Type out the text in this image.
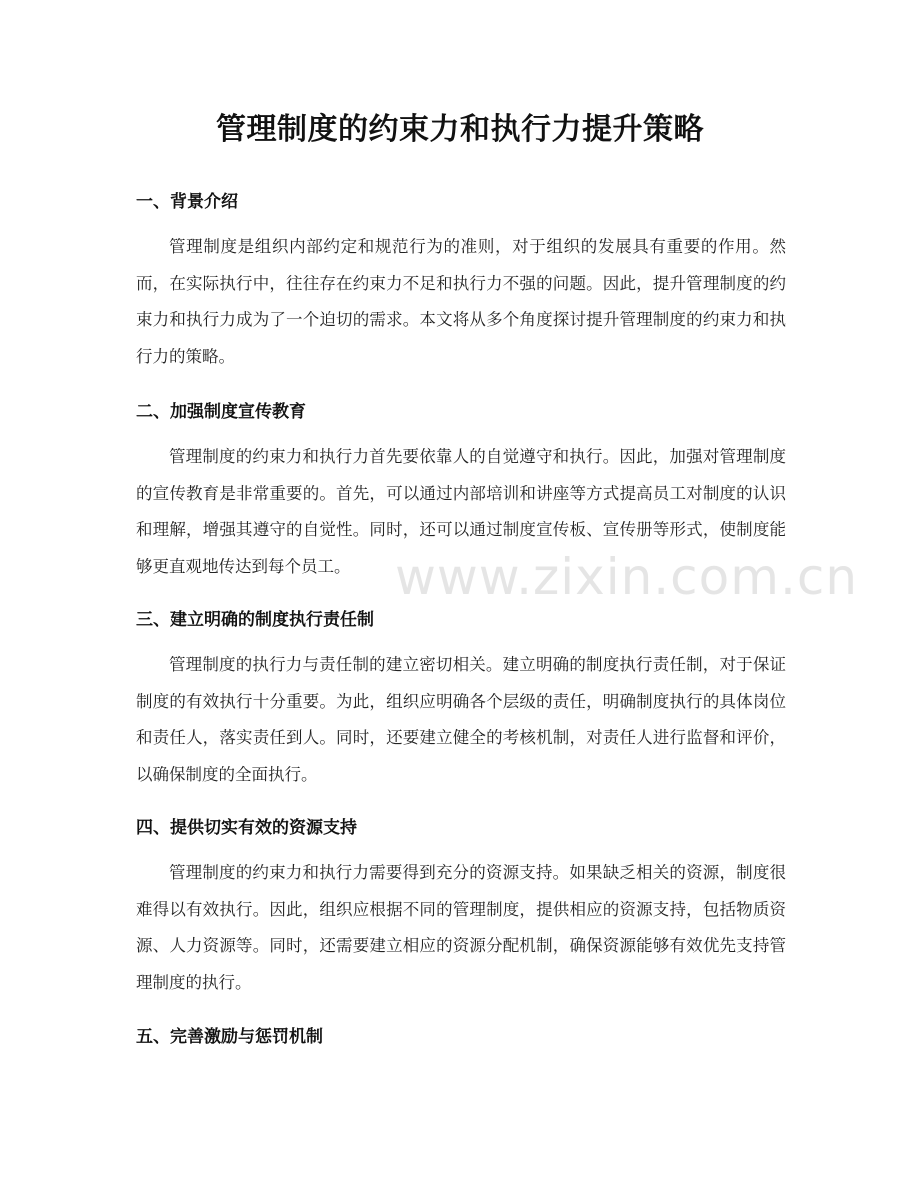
管理制度的约束力和执行力提升策略
一、背景介绍
管理制度是组织内部约定和规范行为的准则，对于组织的发展具有重要的作用。然而，在实际执行中，往往存在约束力不足和执行力不强的问题。因此，提升管理制度的约束力和执行力成为了一个迫切的需求。本文将从多个角度探讨提升管理制度的约束力和执行力的策略。
二、加强制度宣传教育
管理制度的约束力和执行力首先要依靠人的自觉遵守和执行。因此，加强对管理制度的宣传教育是非常重要的。首先，可以通过内部培训和讲座等方式提高员工对制度的认识和理解，增强其遵守的自觉性。同时，还可以通过制度宣传板、宣传册等形式，使制度能够更直观地传达到每个员工。
三、建立明确的制度执行责任制
管理制度的执行力与责任制的建立密切相关。建立明确的制度执行责任制，对于保证制度的有效执行十分重要。为此，组织应明确各个层级的责任，明确制度执行的具体岗位和责任人，落实责任到人。同时，还要建立健全的考核机制，对责任人进行监督和评价，以确保制度的全面执行。
四、提供切实有效的资源支持
管理制度的约束力和执行力需要得到充分的资源支持。如果缺乏相关的资源，制度很难得以有效执行。因此，组织应根据不同的管理制度，提供相应的资源支持，包括物质资源、人力资源等。同时，还需要建立相应的资源分配机制，确保资源能够有效优先支持管理制度的执行。
五、完善激励与惩罚机制
www.zixin.com.cn
